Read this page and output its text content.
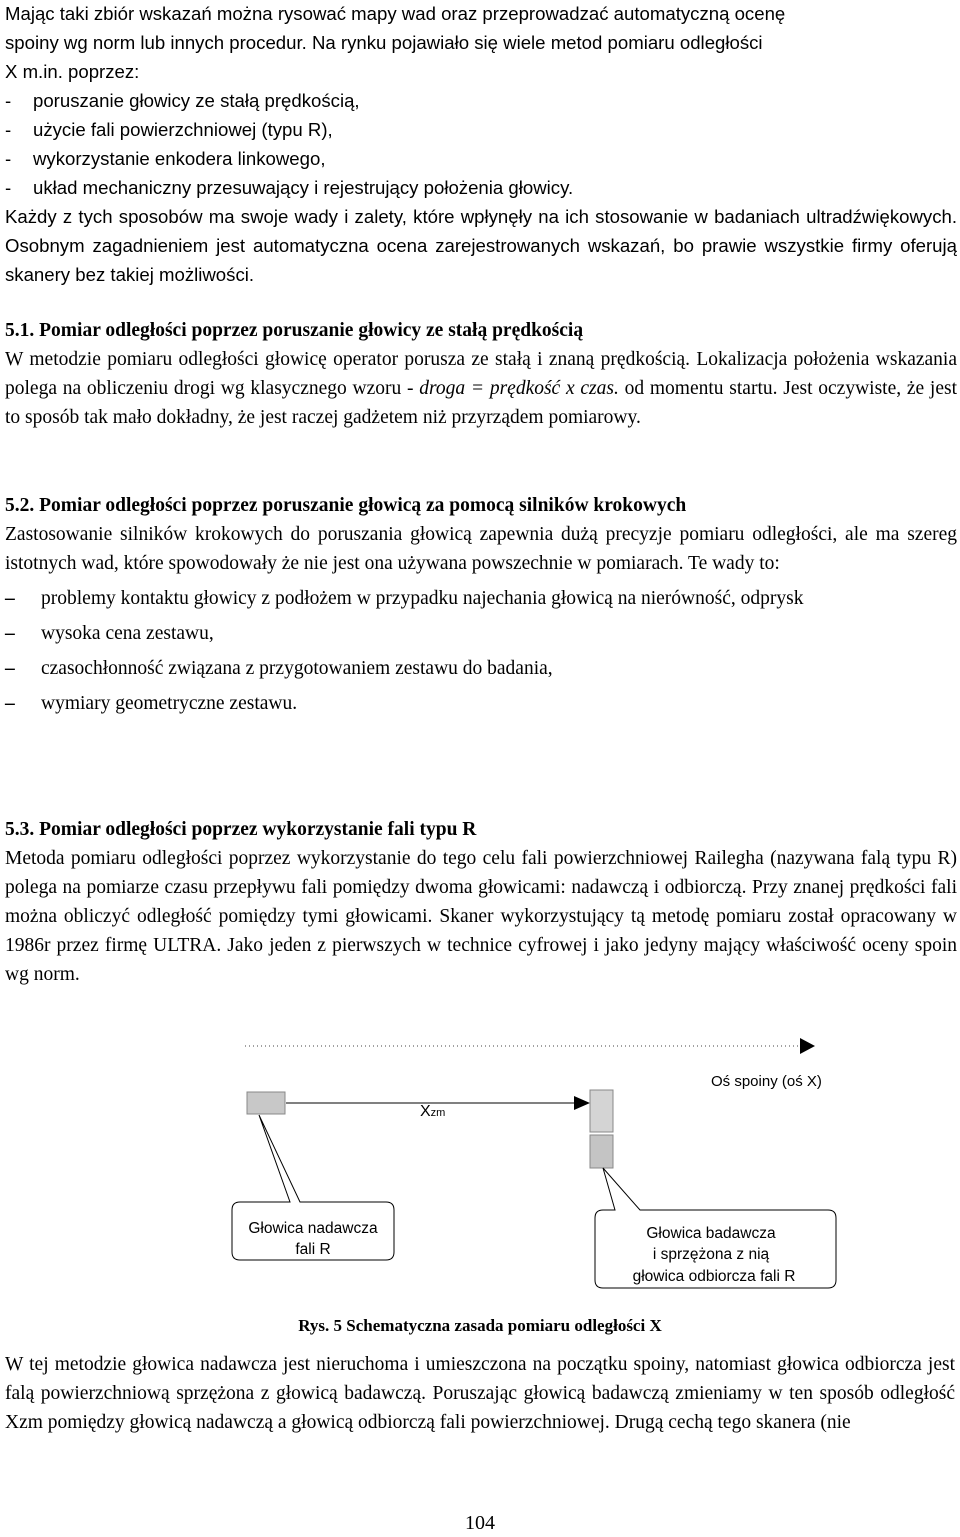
Mając taki zbiór wskazań można rysować mapy wad oraz przeprowadzać automatyczną ocenę

spoiny wg norm lub innych procedur. Na rynku pojawiało się wiele metod pomiaru odległości

X m.in. poprzez:

-	poruszanie głowicy ze stałą prędkością,
-	użycie fali powierzchniowej (typu R),
-	wykorzystanie enkodera linkowego,
-	układ mechaniczny przesuwający i rejestrujący położenia głowicy.

Każdy z tych sposobów ma swoje wady i zalety, które wpłynęły na ich stosowanie w badaniach ultradźwiękowych. Osobnym zagadnieniem jest automatyczna ocena zarejestrowanych wskazań, bo prawie wszystkie firmy oferują skanery bez takiej możliwości.

5.1. Pomiar odległości poprzez poruszanie głowicy ze stałą prędkością

W metodzie pomiaru odległości głowicę operator porusza ze stałą i znaną prędkością. Lokalizacja położenia wskazania polega na obliczeniu drogi wg klasycznego wzoru - droga = prędkość x czas. od momentu startu. Jest oczywiste, że jest to sposób tak mało dokładny, że jest raczej gadżetem niż przyrządem pomiarowy.

5.2. Pomiar odległości poprzez poruszanie głowicą za pomocą silników krokowych

Zastosowanie silników krokowych do poruszania głowicą zapewnia dużą precyzje pomiaru odległości, ale ma szereg istotnych wad, które spowodowały że nie jest ona używana powszechnie w pomiarach. Te wady to:

–	problemy kontaktu głowicy z podłożem w przypadku najechania głowicą na nierówność, odprysk
–	wysoka cena zestawu,
–	czasochłonność związana z przygotowaniem zestawu do badania,
–	wymiary geometryczne zestawu.

5.3. Pomiar odległości poprzez wykorzystanie fali typu R

Metoda pomiaru odległości poprzez wykorzystanie do tego celu fali powierzchniowej Railegha (nazywana falą typu R) polega na pomiarze czasu przepływu fali pomiędzy dwoma głowicami: nadawczą i odbiorczą. Przy znanej prędkości fali można obliczyć odległość pomiędzy tymi głowicami. Skaner wykorzystujący tą metodę pomiaru został opracowany w 1986r przez firmę ULTRA. Jako jeden z pierwszych w technice cyfrowej i jako jedyny mający właściwość oceny spoin wg norm.

Oś spoiny (oś X)
Xzm
Głowica nadawcza
fali R
Głowica badawcza
i sprzężona z nią
głowica odbiorcza fali R
Rys. 5 Schematyczna zasada pomiaru odległości X

W tej metodzie głowica nadawcza jest nieruchoma i umieszczona na początku spoiny, natomiast głowica odbiorcza jest falą powierzchniową sprzężona z głowicą badawczą. Poruszając głowicą badawczą zmieniamy w ten sposób odległość Xzm pomiędzy głowicą nadawczą a głowicą odbiorczą fali powierzchniowej. Drugą cechą tego skanera (nie

104
